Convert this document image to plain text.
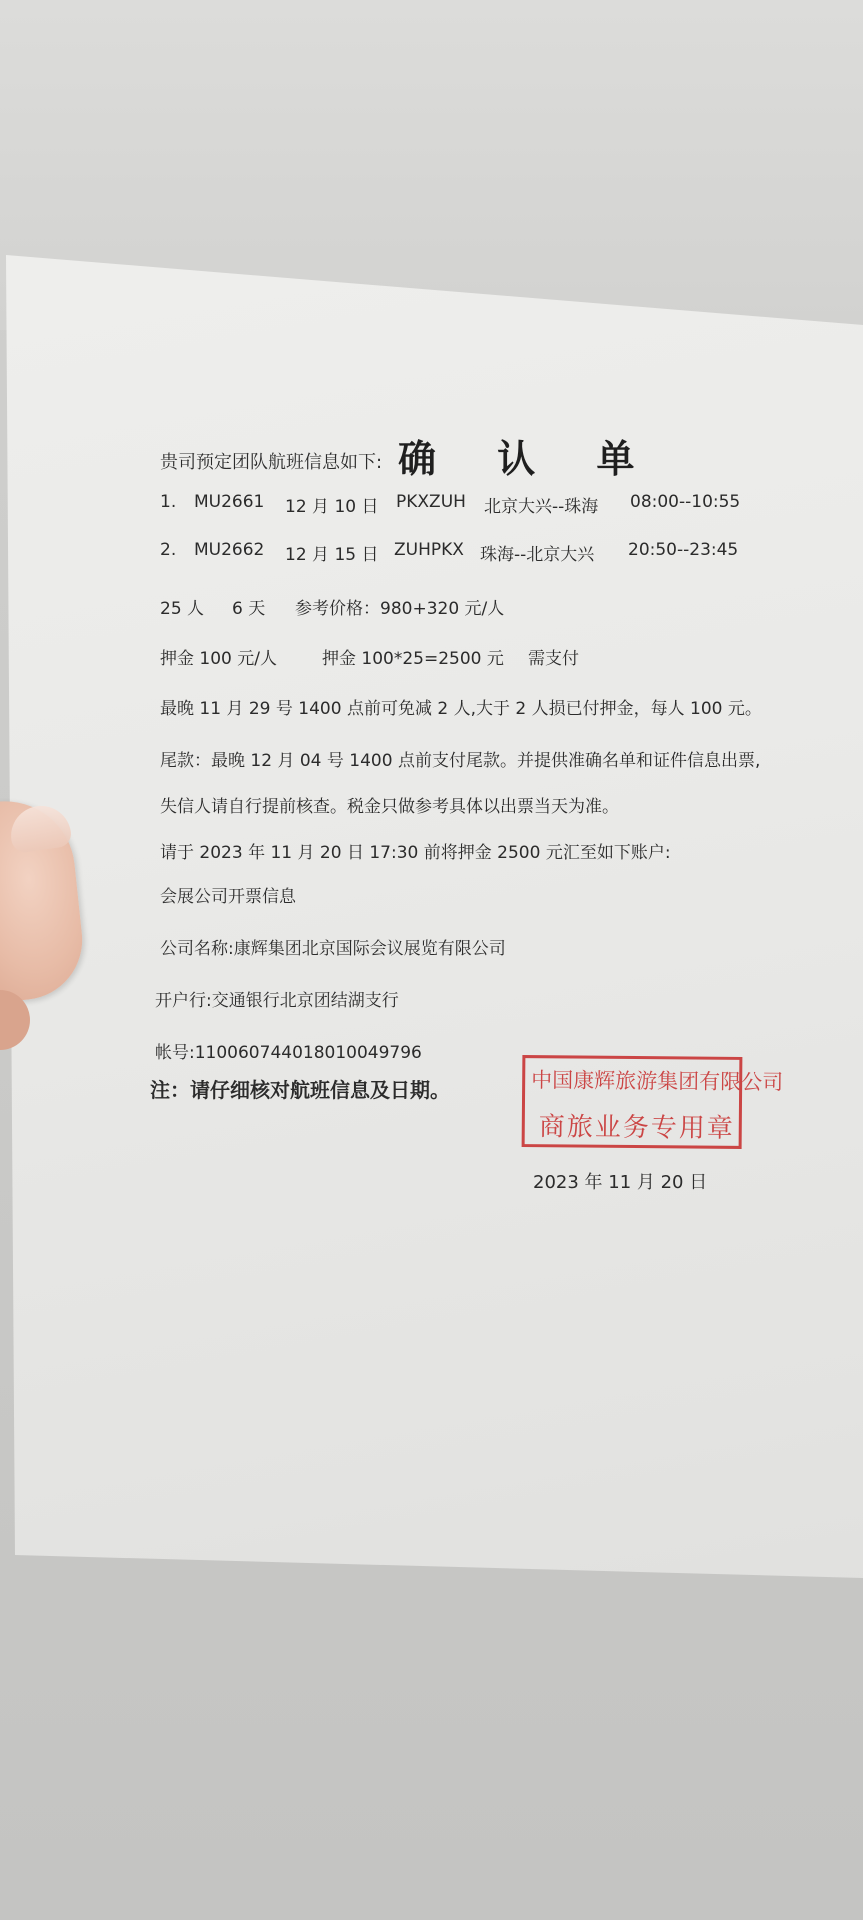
确 认 单
贵司预定团队航班信息如下:
1. MU2661 12 月 10 日 PKXZUH 北京大兴--珠海 08:00--10:55
2. MU2662 12 月 15 日 ZUHPKX 珠海--北京大兴 20:50--23:45
25 人 6 天 参考价格：980+320 元/人
押金 100 元/人	押金 100*25=2500 元 需支付
最晚 11 月 29 号 1400 点前可免减 2 人,大于 2 人损已付押金，每人 100 元。
尾款：最晚 12 月 04 号 1400 点前支付尾款。并提供准确名单和证件信息出票,
失信人请自行提前核查。税金只做参考具体以出票当天为准。
请于 2023 年 11 月 20 日 17:30 前将押金 2500 元汇至如下账户:
会展公司开票信息
公司名称:康辉集团北京国际会议展览有限公司
开户行:交通银行北京团结湖支行
帐号:110060744018010049796
注：请仔细核对航班信息及日期。	中国康辉旅游集团有限公司
商旅业务专用章
2023 年 11 月 20 日
